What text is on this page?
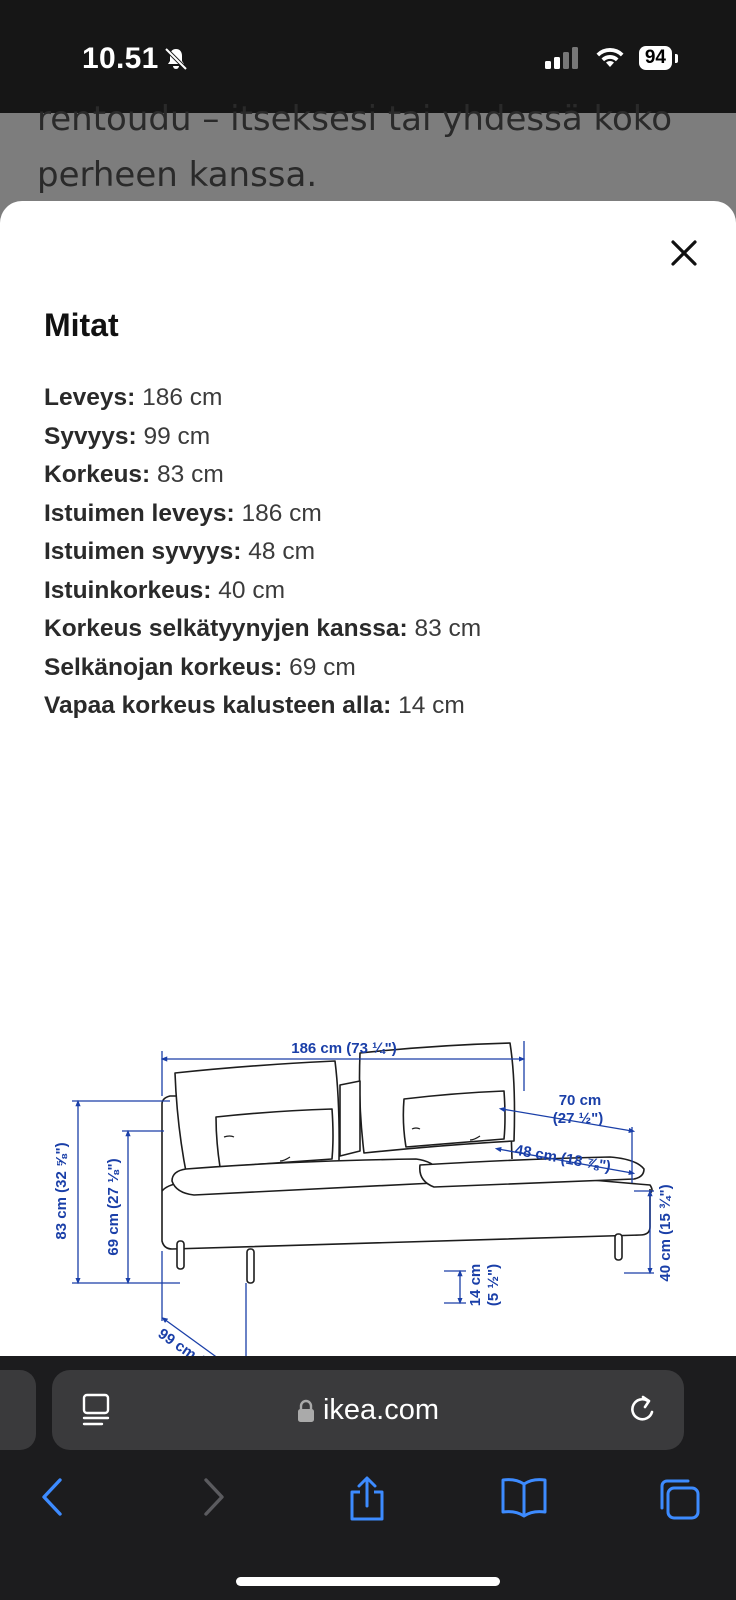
10.51	94

rentoudu – itseksesi tai yhdessä koko

perheen kanssa.

Mitat
Leveys: 186 cm
Syvyys: 99 cm
Korkeus: 83 cm
Istuimen leveys: 186 cm
Istuimen syvyys: 48 cm
Istuinkorkeus: 40 cm
Korkeus selkätyynyjen kanssa: 83 cm
Selkänojan korkeus: 69 cm
Vapaa korkeus kalusteen alla: 14 cm
186 cm (73 ¼")
70 cm
(27 ½")
48 cm (18 ⅞")
83 cm (32 ⅝") 69 cm (27 ⅛")	40 cm (15 ¾")
14 cm (5 ½")
ikea.com
